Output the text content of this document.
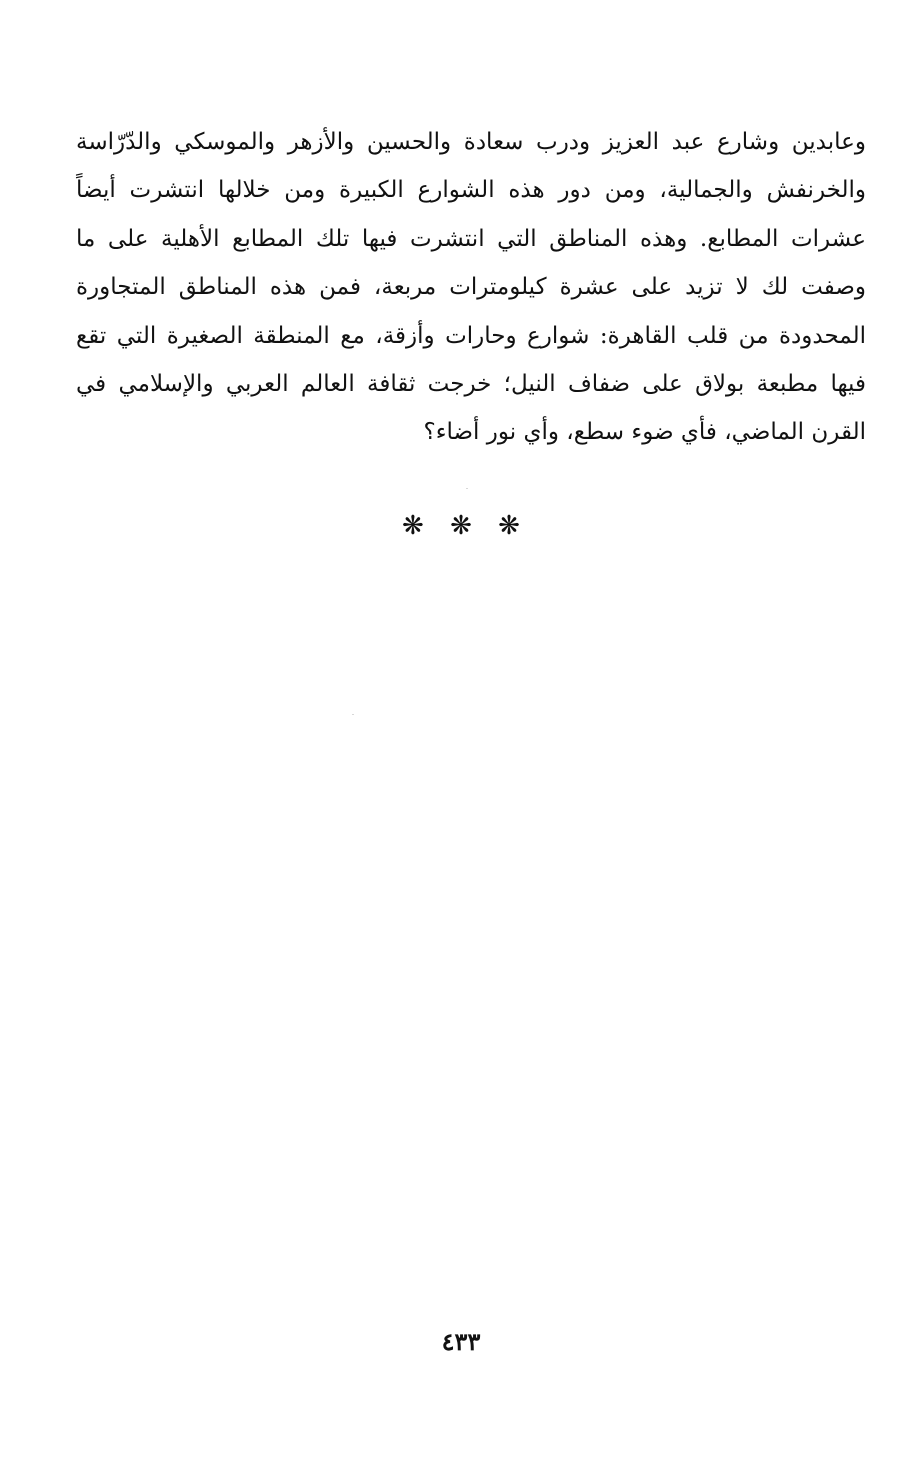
وعابدين وشارع عبد العزيز ودرب سعادة والحسين والأزهر والموسكي والدّرّاسة
والخرنفش والجمالية، ومن دور هذه الشوارع الكبيرة ومن خلالها انتشرت أيضاً
عشرات المطابع. وهذه المناطق التي انتشرت فيها تلك المطابع الأهلية على ما
وصفت لك لا تزيد على عشرة كيلومترات مربعة، فمن هذه المناطق المتجاورة
المحدودة من قلب القاهرة: شوارع وحارات وأزقة، مع المنطقة الصغيرة التي تقع
فيها مطبعة بولاق على ضفاف النيل؛ خرجت ثقافة العالم العربي والإسلامي في
القرن الماضي، فأي ضوء سطع، وأي نور أضاء؟
❋ ❋ ❋
٤٣٣
